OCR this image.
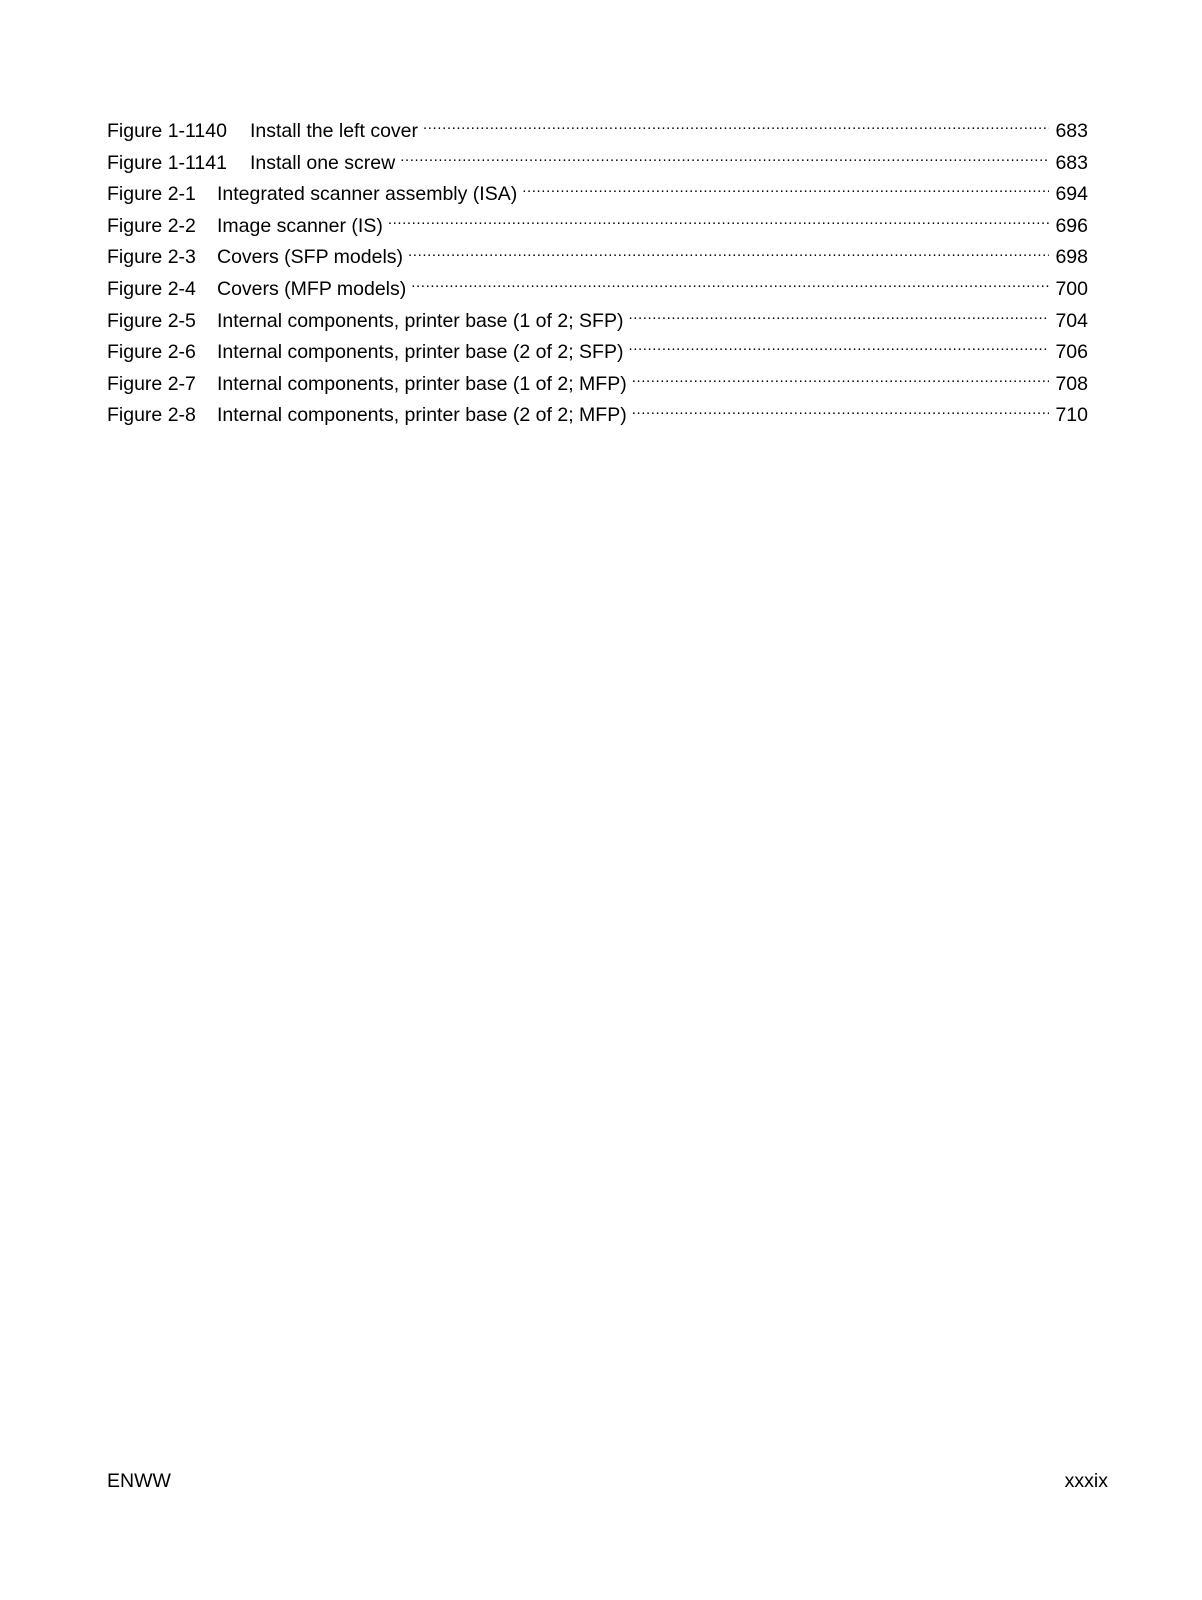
Figure 1-1140	Install the left cover .....	683
Figure 1-1141	Install one screw .....	683
Figure 2-1	Integrated scanner assembly (ISA) .....	694
Figure 2-2	Image scanner (IS) .....	696
Figure 2-3	Covers (SFP models) .....	698
Figure 2-4	Covers (MFP models) .....	700
Figure 2-5	Internal components, printer base (1 of 2; SFP) .....	704
Figure 2-6	Internal components, printer base (2 of 2; SFP) .....	706
Figure 2-7	Internal components, printer base (1 of 2; MFP) .....	708
Figure 2-8	Internal components, printer base (2 of 2; MFP) .....	710
ENWW	xxxix
